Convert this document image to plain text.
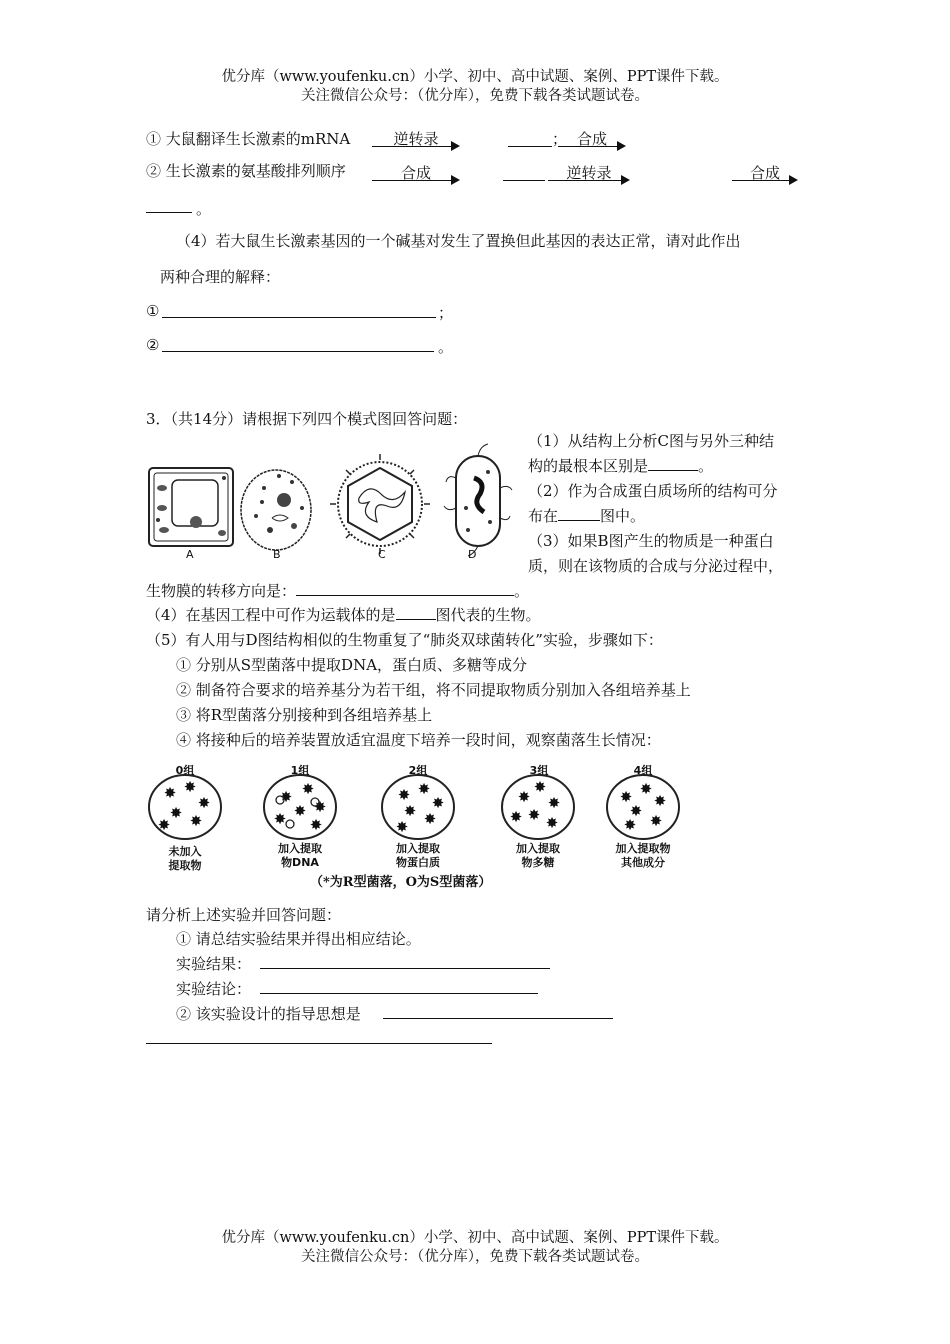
优分库（www.youfenku.cn）小学、初中、高中试题、案例、PPT课件下载。
关注微信公众号：（优分库），免费下载各类试题试卷。
① 大鼠翻译生长激素的mRNA	逆转录	； 合成
② 生长激素的氨基酸排列顺序	合成	逆转录	合成
。
（4）若大鼠生长激素基因的一个碱基对发生了置换但此基因的表达正常，请对此作出
两种合理的解释：
①	；
②	。
3．（共14分）请根据下列四个模式图回答问题：
A	B	C	D
（1）从结构上分析C图与另外三种结
构的最根本区别是	。
（2）作为合成蛋白质场所的结构可分
布在	图中。
（3）如果B图产生的物质是一种蛋白
质，则在该物质的合成与分泌过程中，
生物膜的转移方向是：	。
（4）在基因工程中可作为运载体的是	图代表的生物。
（5）有人用与D图结构相似的生物重复了“肺炎双球菌转化”实验，步骤如下：
① 分别从S型菌落中提取DNA，蛋白质、多糖等成分
② 制备符合要求的培养基分为若干组，将不同提取物质分别加入各组培养基上
③ 将R型菌落分别接种到各组培养基上
④ 将接种后的培养装置放适宜温度下培养一段时间，观察菌落生长情况：
0组	1组	2组	3组	4组
✸ ✸
✸
✸ ✸
✸
✸ ✸
✸
✸
✸ ✸
✸ ✸
✸
✸ ✸
✸
✸
✸
✸
✸ ✸
✸
✸ ✸
✸
✸
✸
✸
未加入
提取物
加入提取
物DNA
加入提取
物蛋白质
加入提取
物多糖
加入提取物
其他成分
（*为R型菌落，O为S型菌落）
请分析上述实验并回答问题：
① 请总结实验结果并得出相应结论。
实验结果：
实验结论：
② 该实验设计的指导思想是
优分库（www.youfenku.cn）小学、初中、高中试题、案例、PPT课件下载。
关注微信公众号：（优分库），免费下载各类试题试卷。
